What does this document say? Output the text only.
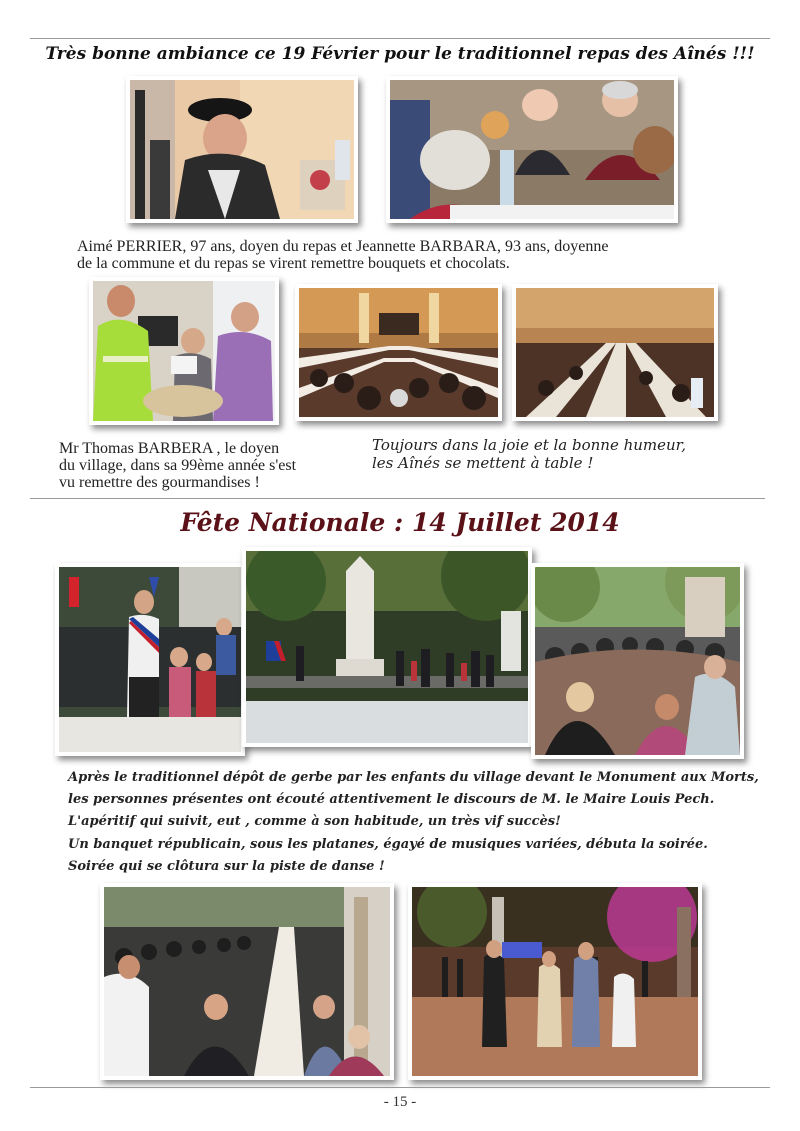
Très bonne ambiance ce 19 Février pour le traditionnel repas des Aînés !!!
Aimé PERRIER, 97 ans, doyen du repas et Jeannette BARBARA, 93 ans, doyenne
de la commune et du repas se virent remettre bouquets et chocolats.
Mr Thomas BARBERA , le doyen
du village, dans sa 99ème année s'est
vu remettre des gourmandises !
Toujours dans la joie et la bonne humeur,
les Aînés se mettent à table !
Fête Nationale : 14 Juillet 2014
Après le traditionnel dépôt de gerbe par les enfants du village devant le Monument aux Morts,
les personnes présentes ont écouté attentivement le discours de M. le Maire Louis Pech.
L'apéritif qui suivit, eut , comme à son habitude, un très vif succès!
Un banquet républicain, sous les platanes, égayé de musiques variées, débuta la soirée.
Soirée qui se clôtura sur la piste de danse !
- 15 -
